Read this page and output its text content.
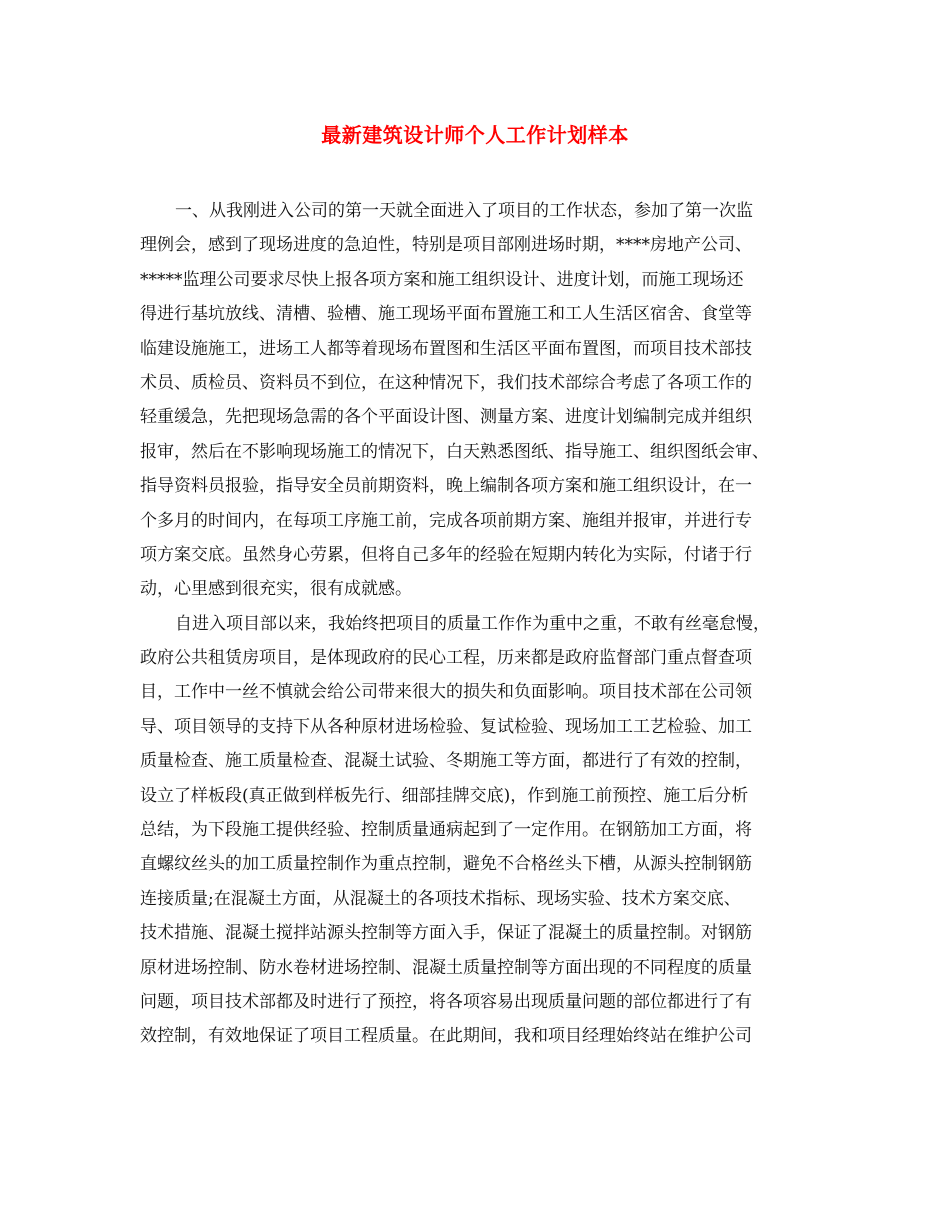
最新建筑设计师个人工作计划样本
一、从我刚进入公司的第一天就全面进入了项目的工作状态，参加了第一次监
理例会，感到了现场进度的急迫性，特别是项目部刚进场时期，****房地产公司、
*****监理公司要求尽快上报各项方案和施工组织设计、进度计划，而施工现场还
得进行基坑放线、清槽、验槽、施工现场平面布置施工和工人生活区宿舍、食堂等
临建设施施工，进场工人都等着现场布置图和生活区平面布置图，而项目技术部技
术员、质检员、资料员不到位，在这种情况下，我们技术部综合考虑了各项工作的
轻重缓急，先把现场急需的各个平面设计图、测量方案、进度计划编制完成并组织
报审，然后在不影响现场施工的情况下，白天熟悉图纸、指导施工、组织图纸会审、
指导资料员报验，指导安全员前期资料，晚上编制各项方案和施工组织设计，在一
个多月的时间内，在每项工序施工前，完成各项前期方案、施组并报审，并进行专
项方案交底。虽然身心劳累，但将自己多年的经验在短期内转化为实际，付诸于行
动，心里感到很充实，很有成就感。
自进入项目部以来，我始终把项目的质量工作作为重中之重，不敢有丝毫怠慢，
政府公共租赁房项目，是体现政府的民心工程，历来都是政府监督部门重点督查项
目，工作中一丝不慎就会给公司带来很大的损失和负面影响。项目技术部在公司领
导、项目领导的支持下从各种原材进场检验、复试检验、现场加工工艺检验、加工
质量检查、施工质量检查、混凝土试验、冬期施工等方面，都进行了有效的控制，
设立了样板段(真正做到样板先行、细部挂牌交底)，作到施工前预控、施工后分析
总结，为下段施工提供经验、控制质量通病起到了一定作用。在钢筋加工方面，将
直螺纹丝头的加工质量控制作为重点控制，避免不合格丝头下槽，从源头控制钢筋
连接质量;在混凝土方面，从混凝土的各项技术指标、现场实验、技术方案交底、
技术措施、混凝土搅拌站源头控制等方面入手，保证了混凝土的质量控制。对钢筋
原材进场控制、防水卷材进场控制、混凝土质量控制等方面出现的不同程度的质量
问题，项目技术部都及时进行了预控，将各项容易出现质量问题的部位都进行了有
效控制，有效地保证了项目工程质量。在此期间，我和项目经理始终站在维护公司
